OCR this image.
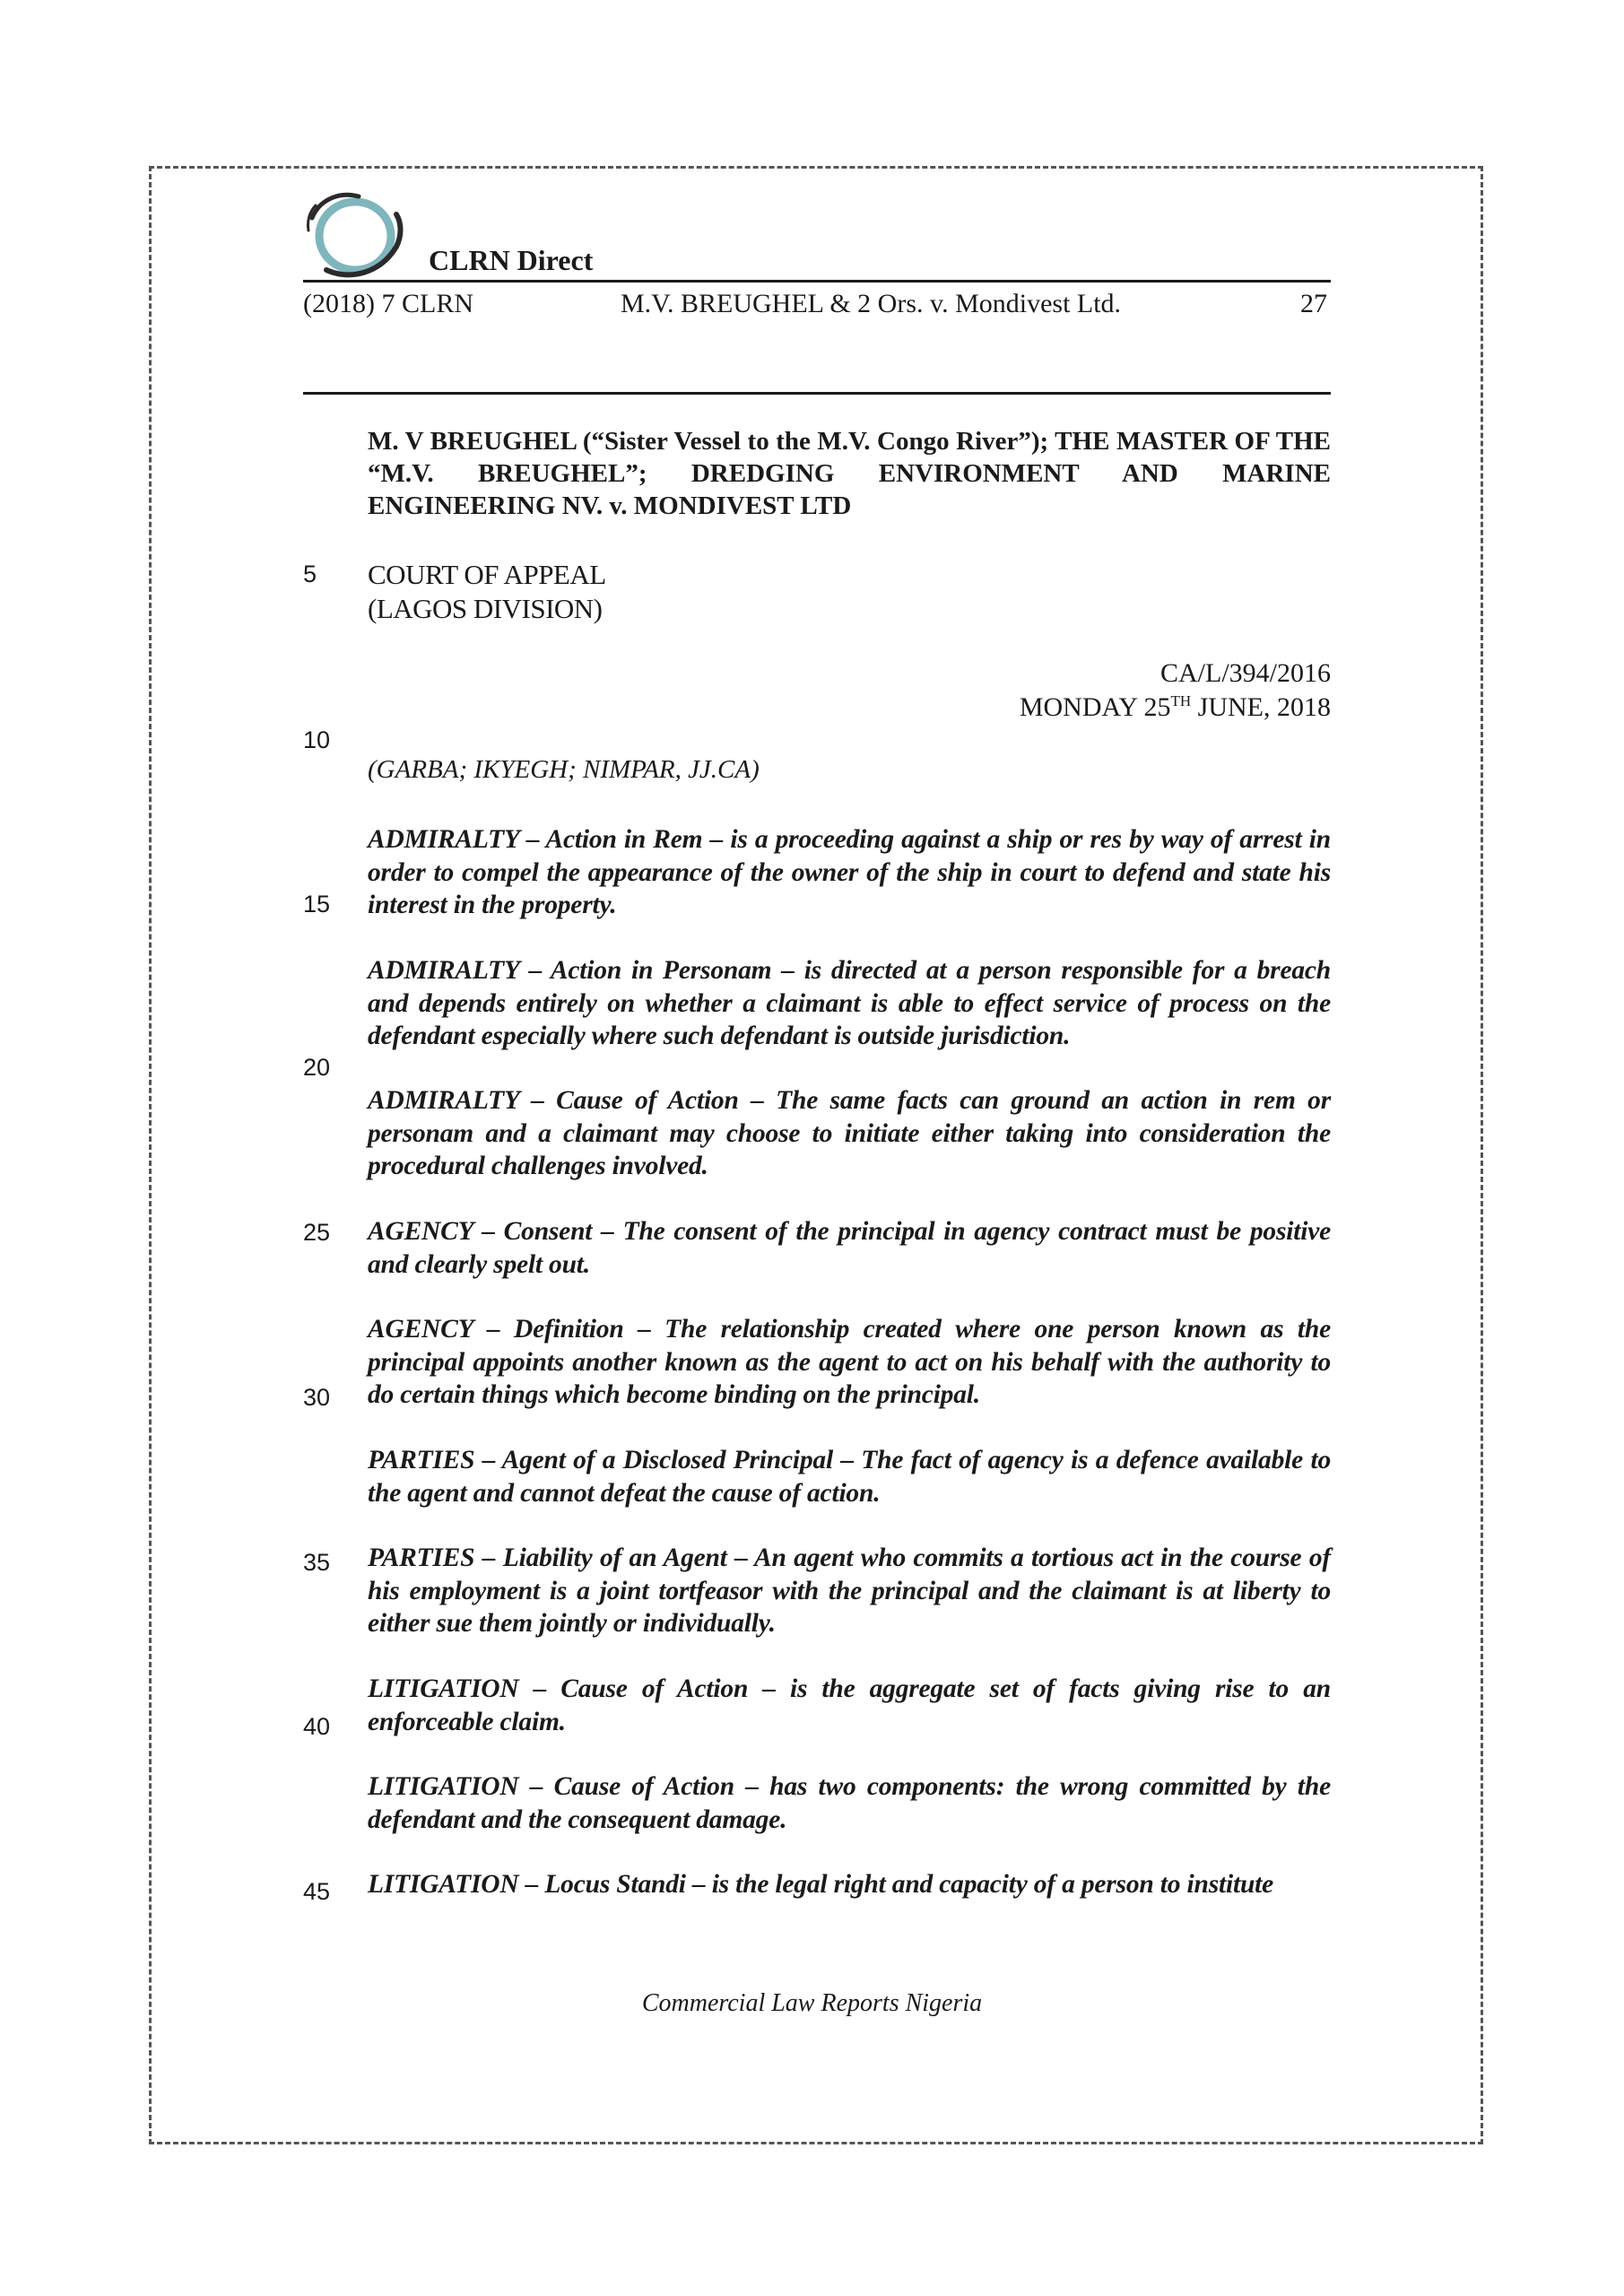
CLRN Direct
(2018) 7 CLRN	M.V. BREUGHEL & 2 Ors. v. Mondivest Ltd.	27
M. V BREUGHEL (“Sister Vessel to the M.V. Congo River”); THE MASTER OF THE “M.V. BREUGHEL”; DREDGING ENVIRONMENT AND MARINE ENGINEERING NV. v. MONDIVEST LTD
COURT OF APPEAL
(LAGOS DIVISION)
CA/L/394/2016
MONDAY 25TH JUNE, 2018
(GARBA; IKYEGH; NIMPAR, JJ.CA)
5
10
15
20
25
30
35
40
45
ADMIRALTY – Action in Rem – is a proceeding against a ship or res by way of arrest in order to compel the appearance of the owner of the ship in court to defend and state his interest in the property.
ADMIRALTY – Action in Personam – is directed at a person responsible for a breach and depends entirely on whether a claimant is able to effect service of process on the defendant especially where such defendant is outside jurisdiction.
ADMIRALTY – Cause of Action – The same facts can ground an action in rem or personam and a claimant may choose to initiate either taking into consideration the procedural challenges involved.
AGENCY – Consent – The consent of the principal in agency contract must be positive and clearly spelt out.
AGENCY – Definition – The relationship created where one person known as the principal appoints another known as the agent to act on his behalf with the authority to do certain things which become binding on the principal.
PARTIES – Agent of a Disclosed Principal – The fact of agency is a defence available to the agent and cannot defeat the cause of action.
PARTIES – Liability of an Agent – An agent who commits a tortious act in the course of his employment is a joint tortfeasor with the principal and the claimant is at liberty to either sue them jointly or individually.
LITIGATION – Cause of Action – is the aggregate set of facts giving rise to an enforceable claim.
LITIGATION – Cause of Action – has two components: the wrong committed by the defendant and the consequent damage.
LITIGATION – Locus Standi – is the legal right and capacity of a person to institute
Commercial Law Reports Nigeria
